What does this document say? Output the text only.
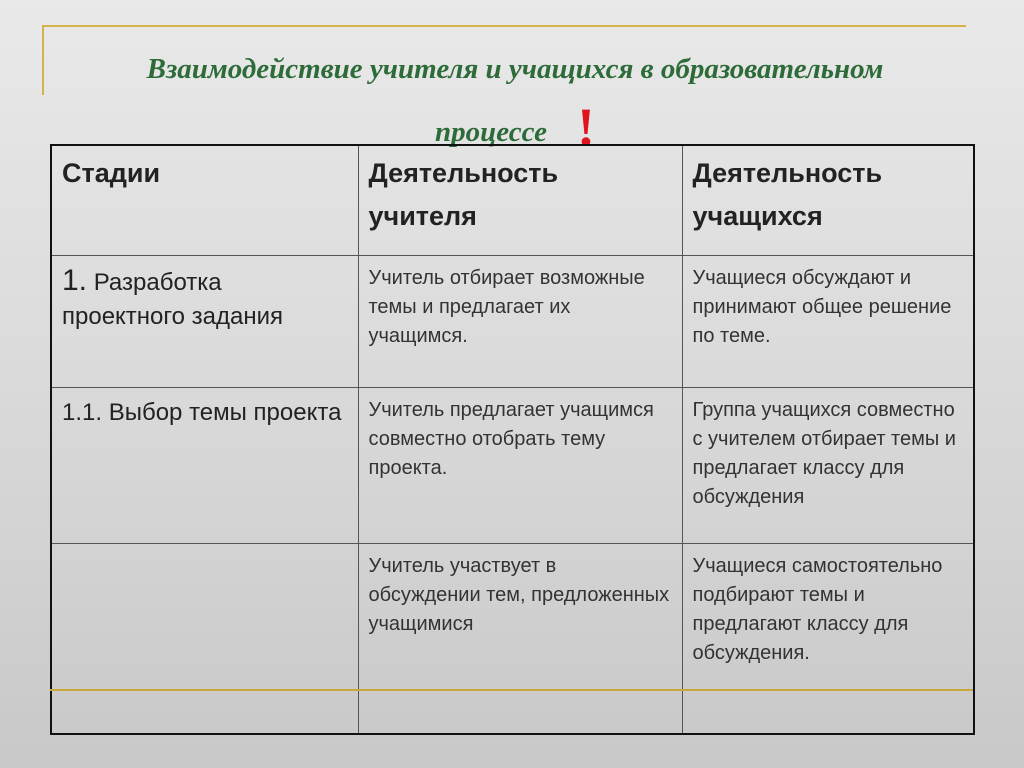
Взаимодействие учителя и учащихся в образовательном
процессе !
Стадии	Деятельность учителя	Деятельность учащихся
1. Разработка проектного задания	Учитель отбирает возможные темы и предлагает их учащимся.	Учащиеся обсуждают и принимают общее решение по теме.
1.1. Выбор темы проекта	Учитель предлагает учащимся совместно отобрать тему проекта.	Группа учащихся совместно с учителем отбирает темы и предлагает классу для обсуждения
	Учитель участвует в обсуждении тем, предложенных учащимися	Учащиеся самостоятельно подбирают темы и предлагают классу для обсуждения.
